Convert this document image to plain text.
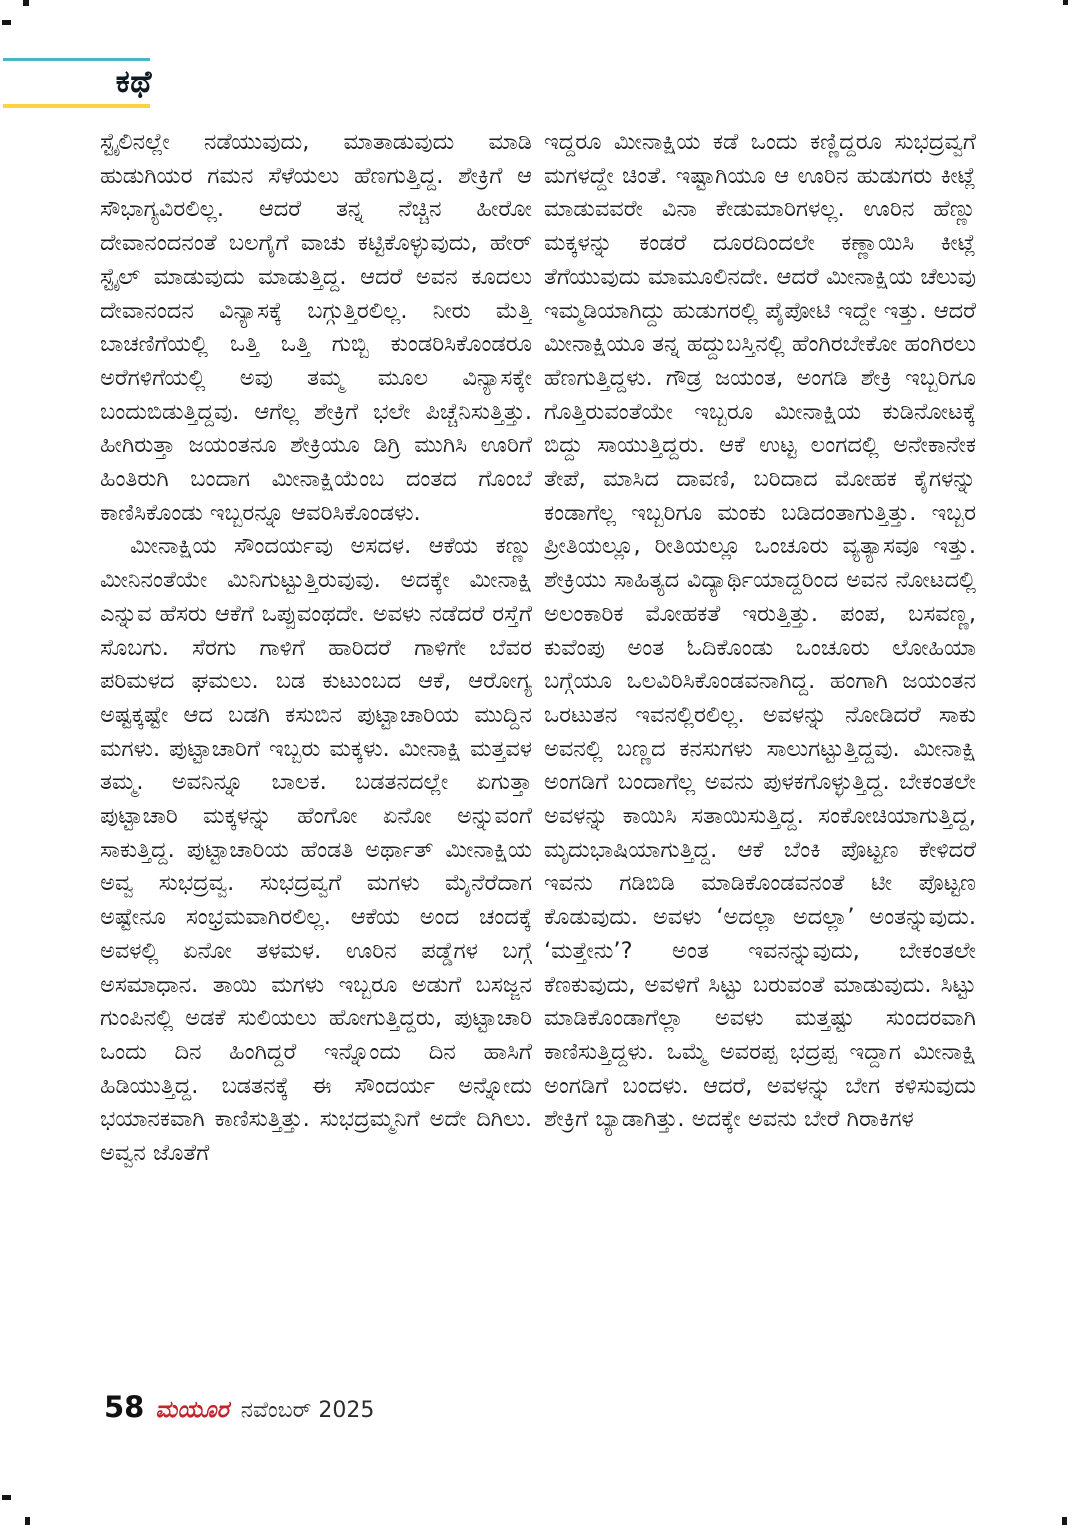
ಕಥೆ

ಸ್ಟೈಲಿನಲ್ಲೇ ನಡೆಯುವುದು, ಮಾತಾಡುವುದು ಮಾಡಿ ಹುಡುಗಿಯರ ಗಮನ ಸೆಳೆಯಲು ಹೆಣಗುತ್ತಿದ್ದ. ಶೇಕ್ರಿಗೆ ಆ ಸೌಭಾಗ್ಯವಿರಲಿಲ್ಲ. ಆದರೆ ತನ್ನ ನೆಚ್ಚಿನ ಹೀರೋ ದೇವಾನಂದನಂತೆ ಬಲಗೈಗೆ ವಾಚು ಕಟ್ಟಿಕೊಳ್ಳುವುದು, ಹೇರ್ ಸ್ಟೈಲ್ ಮಾಡುವುದು ಮಾಡುತ್ತಿದ್ದ. ಆದರೆ ಅವನ ಕೂದಲು ದೇವಾನಂದನ ವಿನ್ಯಾಸಕ್ಕೆ ಬಗ್ಗುತ್ತಿರಲಿಲ್ಲ. ನೀರು ಮೆತ್ತಿ ಬಾಚಣಿಗೆಯಲ್ಲಿ ಒತ್ತಿ ಒತ್ತಿ ಗುಬ್ಬಿ ಕುಂಡರಿಸಿಕೊಂಡರೂ ಅರೆಗಳಿಗೆಯಲ್ಲಿ ಅವು ತಮ್ಮ ಮೂಲ ವಿನ್ಯಾಸಕ್ಕೇ ಬಂದುಬಿಡುತ್ತಿದ್ದವು. ಆಗೆಲ್ಲ ಶೇಕ್ರಿಗೆ ಭಲೇ ಪಿಚ್ಚೆನಿಸುತ್ತಿತ್ತು. ಹೀಗಿರುತ್ತಾ ಜಯಂತನೂ ಶೇಕ್ರಿಯೂ ಡಿಗ್ರಿ ಮುಗಿಸಿ ಊರಿಗೆ ಹಿಂತಿರುಗಿ ಬಂದಾಗ ಮೀನಾಕ್ಷಿಯೆಂಬ ದಂತದ ಗೊಂಬೆ ಕಾಣಿಸಿಕೊಂಡು ಇಬ್ಬರನ್ನೂ ಆವರಿಸಿಕೊಂಡಳು.

ಮೀನಾಕ್ಷಿಯ ಸೌಂದರ್ಯವು ಅಸದಳ. ಆಕೆಯ ಕಣ್ಣು ಮೀನಿನಂತೆಯೇ ಮಿನಿಗುಟ್ಟುತ್ತಿರುವುವು. ಅದಕ್ಕೇ ಮೀನಾಕ್ಷಿ ಎನ್ನುವ ಹೆಸರು ಆಕೆಗೆ ಒಪ್ಪುವಂಥದೇ. ಅವಳು ನಡೆದರೆ ರಸ್ತೆಗೆ ಸೊಬಗು. ಸೆರಗು ಗಾಳಿಗೆ ಹಾರಿದರೆ ಗಾಳಿಗೇ ಬೆವರ ಪರಿಮಳದ ಘಮಲು. ಬಡ ಕುಟುಂಬದ ಆಕೆ, ಆರೋಗ್ಯ ಅಷ್ಟಕ್ಕಷ್ಟೇ ಆದ ಬಡಗಿ ಕಸುಬಿನ ಪುಟ್ಟಾಚಾರಿಯ ಮುದ್ದಿನ ಮಗಳು. ಪುಟ್ಟಾಚಾರಿಗೆ ಇಬ್ಬರು ಮಕ್ಕಳು. ಮೀನಾಕ್ಷಿ ಮತ್ತವಳ ತಮ್ಮ. ಅವನಿನ್ನೂ ಬಾಲಕ. ಬಡತನದಲ್ಲೇ ಏಗುತ್ತಾ ಪುಟ್ಟಾಚಾರಿ ಮಕ್ಕಳನ್ನು ಹೆಂಗೋ ಏನೋ ಅನ್ನುವಂಗೆ ಸಾಕುತ್ತಿದ್ದ. ಪುಟ್ಟಾಚಾರಿಯ ಹೆಂಡತಿ ಅರ್ಥಾತ್ ಮೀನಾಕ್ಷಿಯ ಅವ್ವ ಸುಭದ್ರವ್ವ. ಸುಭದ್ರವ್ವಗೆ ಮಗಳು ಮೈನೆರೆದಾಗ ಅಷ್ಟೇನೂ ಸಂಭ್ರಮವಾಗಿರಲಿಲ್ಲ. ಆಕೆಯ ಅಂದ ಚಂದಕ್ಕೆ ಅವಳಲ್ಲಿ ಏನೋ ತಳಮಳ. ಊರಿನ ಪಡ್ಡೆಗಳ ಬಗ್ಗೆ ಅಸಮಾಧಾನ. ತಾಯಿ ಮಗಳು ಇಬ್ಬರೂ ಅಡುಗೆ ಬಸಜ್ಜನ ಗುಂಪಿನಲ್ಲಿ ಅಡಕೆ ಸುಲಿಯಲು ಹೋಗುತ್ತಿದ್ದರು, ಪುಟ್ಟಾಚಾರಿ ಒಂದು ದಿನ ಹಿಂಗಿದ್ದರೆ ಇನ್ನೊಂದು ದಿನ ಹಾಸಿಗೆ ಹಿಡಿಯುತ್ತಿದ್ದ. ಬಡತನಕ್ಕೆ ಈ ಸೌಂದರ್ಯ ಅನ್ನೋದು ಭಯಾನಕವಾಗಿ ಕಾಣಿಸುತ್ತಿತ್ತು. ಸುಭದ್ರಮ್ಮನಿಗೆ ಅದೇ ದಿಗಿಲು. ಅವ್ವನ ಜೊತೆಗೆ

ಇದ್ದರೂ ಮೀನಾಕ್ಷಿಯ ಕಡೆ ಒಂದು ಕಣ್ಣಿದ್ದರೂ ಸುಭದ್ರವ್ವಗೆ ಮಗಳದ್ದೇ ಚಿಂತೆ. ಇಷ್ಟಾಗಿಯೂ ಆ ಊರಿನ ಹುಡುಗರು ಕೀಟ್ಲೆ ಮಾಡುವವರೇ ವಿನಾ ಕೇಡುಮಾರಿಗಳಲ್ಲ. ಊರಿನ ಹೆಣ್ಣು ಮಕ್ಕಳನ್ನು ಕಂಡರೆ ದೂರದಿಂದಲೇ ಕಣ್ಣಾಯಿಸಿ ಕೀಟ್ಲೆ ತೆಗೆಯುವುದು ಮಾಮೂಲಿನದೇ. ಆದರೆ ಮೀನಾಕ್ಷಿಯ ಚೆಲುವು ಇಮ್ಮಡಿಯಾಗಿದ್ದು ಹುಡುಗರಲ್ಲಿ ಪೈಪೋಟಿ ಇದ್ದೇ ಇತ್ತು. ಆದರೆ ಮೀನಾಕ್ಷಿಯೂ ತನ್ನ ಹದ್ದುಬಸ್ತಿನಲ್ಲಿ ಹೆಂಗಿರಬೇಕೋ ಹಂಗಿರಲು ಹೆಣಗುತ್ತಿದ್ದಳು. ಗೌಡ್ರ ಜಯಂತ, ಅಂಗಡಿ ಶೇಕ್ರಿ ಇಬ್ಬರಿಗೂ ಗೊತ್ತಿರುವಂತೆಯೇ ಇಬ್ಬರೂ ಮೀನಾಕ್ಷಿಯ ಕುಡಿನೋಟಕ್ಕೆ ಬಿದ್ದು ಸಾಯುತ್ತಿದ್ದರು. ಆಕೆ ಉಟ್ಟ ಲಂಗದಲ್ಲಿ ಅನೇಕಾನೇಕ ತೇಪೆ, ಮಾಸಿದ ದಾವಣಿ, ಬರಿದಾದ ಮೋಹಕ ಕೈಗಳನ್ನು ಕಂಡಾಗೆಲ್ಲ ಇಬ್ಬರಿಗೂ ಮಂಕು ಬಡಿದಂತಾಗುತ್ತಿತ್ತು. ಇಬ್ಬರ ಪ್ರೀತಿಯಲ್ಲೂ, ರೀತಿಯಲ್ಲೂ ಒಂಚೂರು ವ್ಯತ್ಯಾಸವೂ ಇತ್ತು. ಶೇಕ್ರಿಯು ಸಾಹಿತ್ಯದ ವಿದ್ಯಾರ್ಥಿಯಾದ್ದರಿಂದ ಅವನ ನೋಟದಲ್ಲಿ ಅಲಂಕಾರಿಕ ಮೋಹಕತೆ ಇರುತ್ತಿತ್ತು. ಪಂಪ, ಬಸವಣ್ಣ, ಕುವೆಂಪು ಅಂತ ಓದಿಕೊಂಡು ಒಂಚೂರು ಲೋಹಿಯಾ ಬಗ್ಗೆಯೂ ಒಲವಿರಿಸಿಕೊಂಡವನಾಗಿದ್ದ. ಹಂಗಾಗಿ ಜಯಂತನ ಒರಟುತನ ಇವನಲ್ಲಿರಲಿಲ್ಲ. ಅವಳನ್ನು ನೋಡಿದರೆ ಸಾಕು ಅವನಲ್ಲಿ ಬಣ್ಣದ ಕನಸುಗಳು ಸಾಲುಗಟ್ಟುತ್ತಿದ್ದವು. ಮೀನಾಕ್ಷಿ ಅಂಗಡಿಗೆ ಬಂದಾಗೆಲ್ಲ ಅವನು ಪುಳಕಗೊಳ್ಳುತ್ತಿದ್ದ. ಬೇಕಂತಲೇ ಅವಳನ್ನು ಕಾಯಿಸಿ ಸತಾಯಿಸುತ್ತಿದ್ದ. ಸಂಕೋಚಿಯಾಗುತ್ತಿದ್ದ, ಮೃದುಭಾಷಿಯಾಗುತ್ತಿದ್ದ. ಆಕೆ ಬೆಂಕಿ ಪೊಟ್ಟಣ ಕೇಳಿದರೆ ಇವನು ಗಡಿಬಿಡಿ ಮಾಡಿಕೊಂಡವನಂತೆ ಟೀ ಪೊಟ್ಟಣ ಕೊಡುವುದು. ಅವಳು ‘ಅದಲ್ಲಾ ಅದಲ್ಲಾ’ ಅಂತನ್ನುವುದು. ‘ಮತ್ತೇನು’? ಅಂತ ಇವನನ್ನುವುದು, ಬೇಕಂತಲೇ ಕೆಣಕುವುದು, ಅವಳಿಗೆ ಸಿಟ್ಟು ಬರುವಂತೆ ಮಾಡುವುದು. ಸಿಟ್ಟು ಮಾಡಿಕೊಂಡಾಗೆಲ್ಲಾ ಅವಳು ಮತ್ತಷ್ಟು ಸುಂದರವಾಗಿ ಕಾಣಿಸುತ್ತಿದ್ದಳು. ಒಮ್ಮೆ ಅವರಪ್ಪ ಭದ್ರಪ್ಪ ಇದ್ದಾಗ ಮೀನಾಕ್ಷಿ ಅಂಗಡಿಗೆ ಬಂದಳು. ಆದರೆ, ಅವಳನ್ನು ಬೇಗ ಕಳಿಸುವುದು ಶೇಕ್ರಿಗೆ ಬ್ಯಾಡಾಗಿತ್ತು. ಅದಕ್ಕೇ ಅವನು ಬೇರೆ ಗಿರಾಕಿಗಳ

58 ಮಯೂರ ನವೆಂಬರ್ 2025
